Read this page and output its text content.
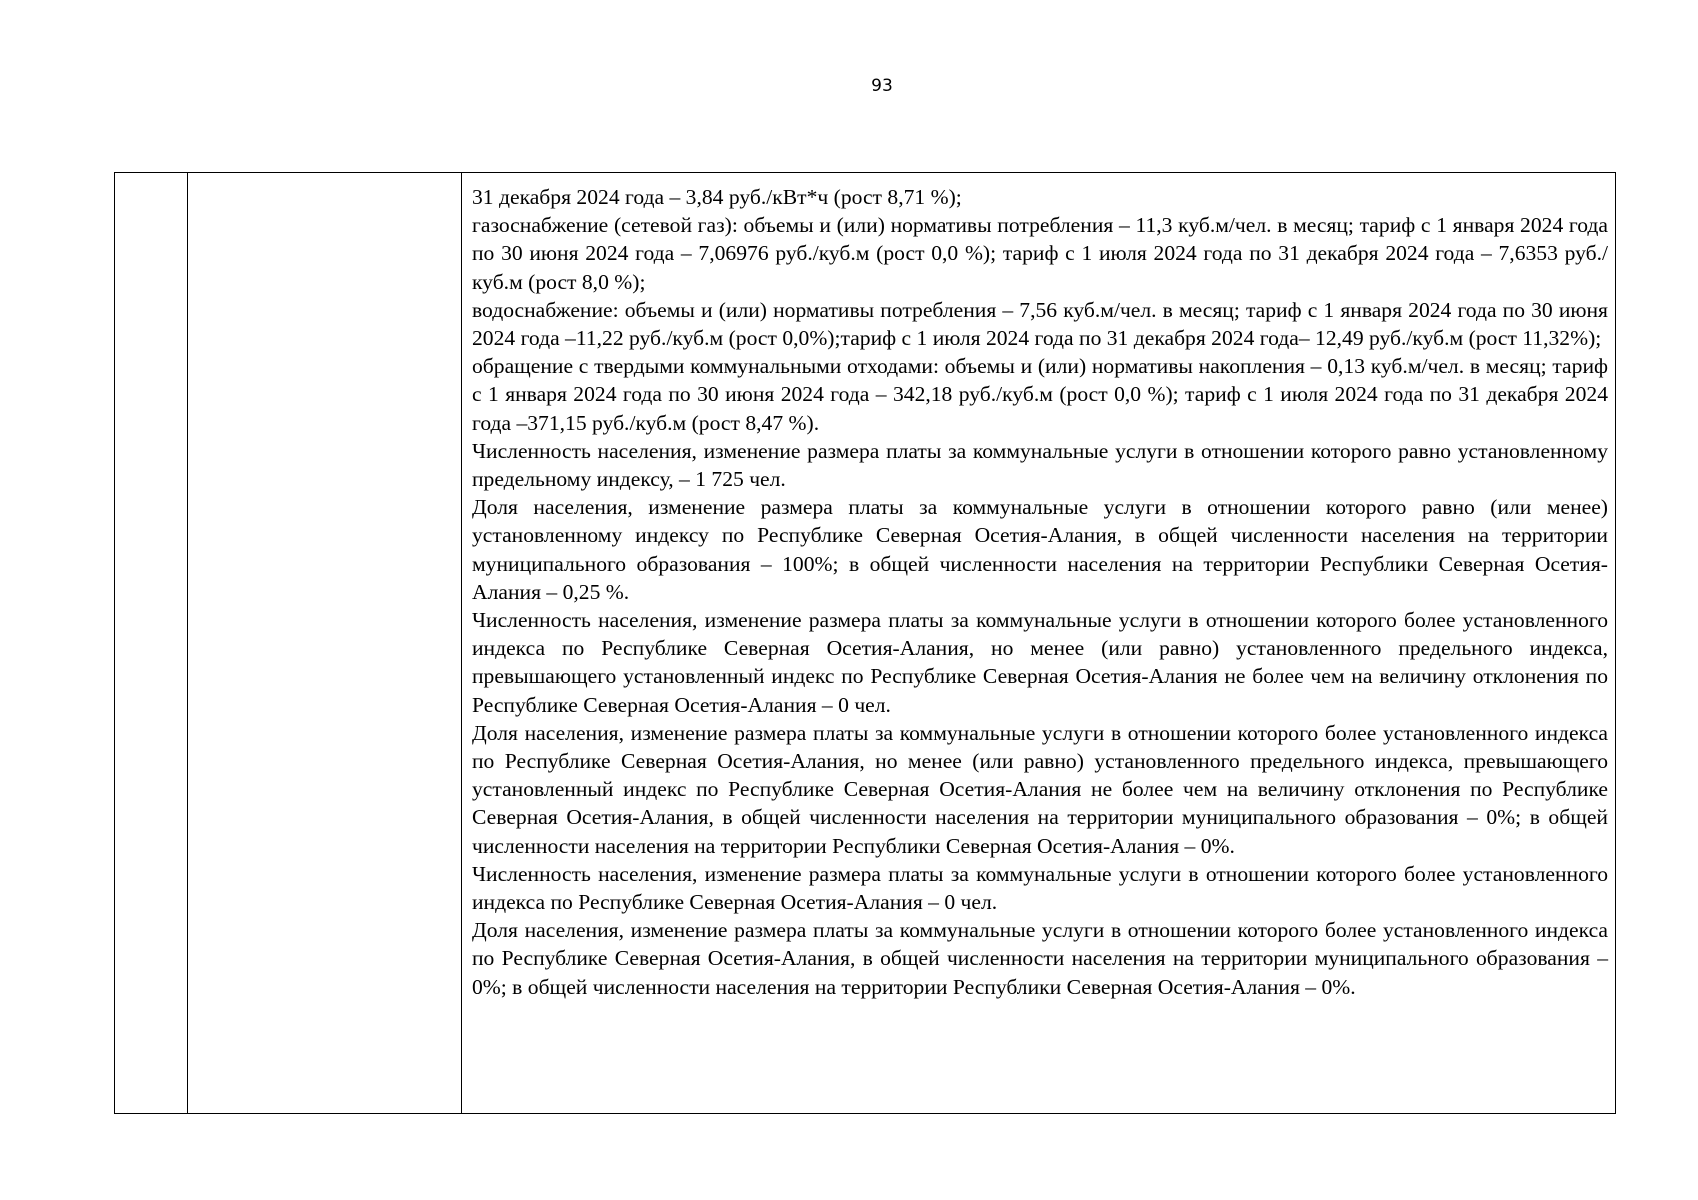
93

31 декабря 2024 года – 3,84 руб./кВт*ч (рост 8,71 %);

газоснабжение (сетевой газ): объемы и (или) нормативы потребления – 11,3 куб.м/чел. в месяц; тариф с 1 января 2024 года по 30 июня 2024 года – 7,06976 руб./куб.м (рост 0,0 %); тариф с 1 июля 2024 года по 31 декабря 2024 года – 7,6353 руб./куб.м (рост 8,0 %);

водоснабжение: объемы и (или) нормативы потребления – 7,56 куб.м/чел. в месяц; тариф с 1 января 2024 года по 30 июня 2024 года –11,22 руб./куб.м (рост 0,0%);тариф с 1 июля 2024 года по 31 декабря 2024 года– 12,49 руб./куб.м (рост 11,32%);

обращение с твердыми коммунальными отходами: объемы и (или) нормативы накопления – 0,13 куб.м/чел. в месяц; тариф с 1 января 2024 года по 30 июня 2024 года – 342,18 руб./куб.м (рост 0,0 %); тариф с 1 июля 2024 года по 31 декабря 2024 года –371,15 руб./куб.м (рост 8,47 %).

Численность населения, изменение размера платы за коммунальные услуги в отношении которого равно установленному предельному индексу, – 1 725 чел.

Доля населения, изменение размера платы за коммунальные услуги в отношении которого равно (или менее) установленному индексу по Республике Северная Осетия-Алания, в общей численности населения на территории муниципального образования – 100%; в общей численности населения на территории Республики Северная Осетия-Алания – 0,25 %.

Численность населения, изменение размера платы за коммунальные услуги в отношении которого более установленного индекса по Республике Северная Осетия-Алания, но менее (или равно) установленного предельного индекса, превышающего установленный индекс по Республике Северная Осетия-Алания не более чем на величину отклонения по Республике Северная Осетия-Алания – 0 чел.

Доля населения, изменение размера платы за коммунальные услуги в отношении которого более установленного индекса по Республике Северная Осетия-Алания, но менее (или равно) установленного предельного индекса, превышающего установленный индекс по Республике Северная Осетия-Алания не более чем на величину отклонения по Республике Северная Осетия-Алания, в общей численности населения на территории муниципального образования – 0%; в общей численности населения на территории Республики Северная Осетия-Алания – 0%.

Численность населения, изменение размера платы за коммунальные услуги в отношении которого более установленного индекса по Республике Северная Осетия-Алания – 0 чел.

Доля населения, изменение размера платы за коммунальные услуги в отношении которого более установленного индекса по Республике Северная Осетия-Алания, в общей численности населения на территории муниципального образования – 0%; в общей численности населения на территории Республики Северная Осетия-Алания – 0%.
